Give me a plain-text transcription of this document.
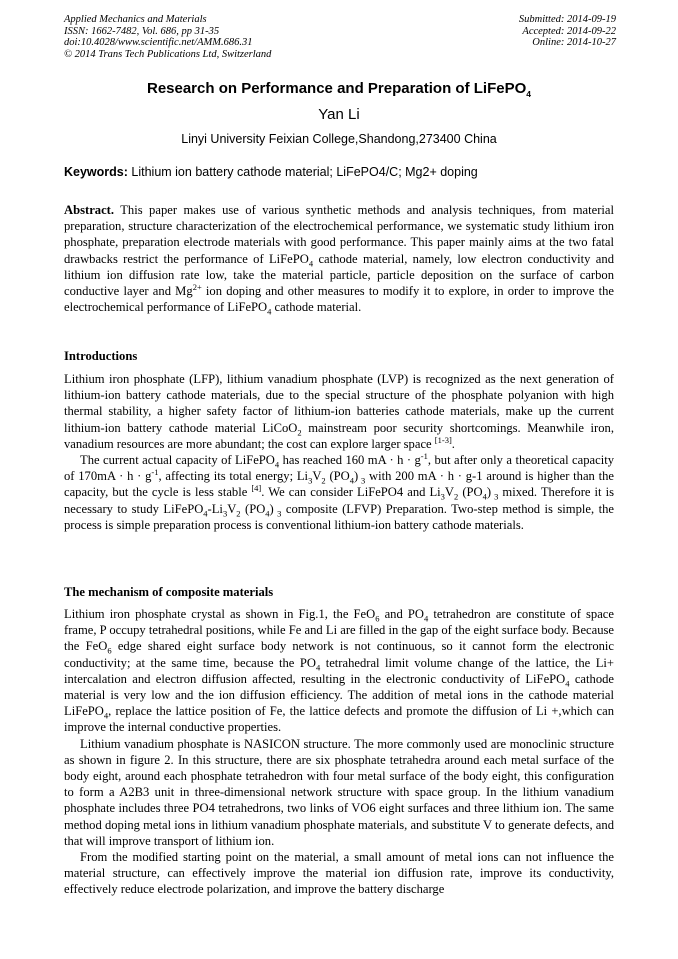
Applied Mechanics and Materials
ISSN: 1662-7482, Vol. 686, pp 31-35
doi:10.4028/www.scientific.net/AMM.686.31
© 2014 Trans Tech Publications Ltd, Switzerland
Submitted: 2014-09-19
Accepted: 2014-09-22
Online: 2014-10-27
Research on Performance and Preparation of LiFePO$_4$
Yan Li
Linyi University Feixian College,Shandong,273400 China
Keywords: Lithium ion battery cathode material; LiFePO4/C; Mg2+ doping

Abstract. This paper makes use of various synthetic methods and analysis techniques, from material preparation, structure characterization of the electrochemical performance, we systematic study lithium iron phosphate, preparation electrode materials with good performance. This paper mainly aims at the two fatal drawbacks restrict the performance of LiFePO$_4$ cathode material, namely, low electron conductivity and lithium ion diffusion rate low, take the material particle, particle deposition on the surface of carbon conductive layer and $Mg^{2+}$ ion doping and other measures to modify it to explore, in order to improve the electrochemical performance of LiFePO$_4$ cathode material.

Introductions

Lithium iron phosphate (LFP), lithium vanadium phosphate (LVP) is recognized as the next generation of lithium-ion battery cathode materials, due to the special structure of the phosphate polyanion with high thermal stability, a higher safety factor of lithium-ion batteries cathode materials, make up the current lithium-ion battery cathode material LiCoO$_2$ mainstream poor security shortcomings. Meanwhile iron, vanadium resources are more abundant; the cost can explore larger space [1-3].

The current actual capacity of LiFePO$_4$ has reached 160 mA · $h \cdot g^{-1}$, but after only a theoretical capacity of $170mA \cdot h \cdot g^{-1}$, affecting its total energy; $Li_3V_2$ $(PO_4)$ $_3$ with 200 mA · h · g-1 around is higher than the capacity, but the cycle is less stable [4]. We can consider LiFePO4 and $Li_3V_2$ $(PO_4)$ $_3$ mixed. Therefore it is necessary to study $LiFePO_4-Li_3V_2$ $(PO_4)$ $_3$ composite (LFVP) Preparation. Two-step method is simple, the process is simple preparation process is conventional lithium-ion battery cathode materials.

The mechanism of composite materials

Lithium iron phosphate crystal as shown in Fig.1, the FeO$_6$ and $PO_4$ tetrahedron are constitute of space frame, P occupy tetrahedral positions, while Fe and Li are filled in the gap of the eight surface body. Because the FeO$_6$ edge shared eight surface body network is not continuous, so it cannot form the electronic conductivity; at the same time, because the $PO_4$ tetrahedral limit volume change of the lattice, the Li+ intercalation and electron diffusion affected, resulting in the electronic conductivity of LiFePO$_4$ cathode material is very low and the ion diffusion efficiency. The addition of metal ions in the cathode material LiFePO$_4$, replace the lattice position of Fe, the lattice defects and promote the diffusion of Li +,which can improve the internal conductive properties.

Lithium vanadium phosphate is NASICON structure. The more commonly used are monoclinic structure as shown in figure 2. In this structure, there are six phosphate tetrahedra around each metal surface of the body eight, around each phosphate tetrahedron with four metal surface of the body eight, this configuration to form a A2B3 unit in three-dimensional network structure with space group. In the lithium vanadium phosphate includes three PO4 tetrahedrons, two links of VO6 eight surfaces and three lithium ion. The same method doping metal ions in lithium vanadium phosphate materials, and substitute V to generate defects, and that will improve transport of lithium ion.

From the modified starting point on the material, a small amount of metal ions can not influence the material structure, can effectively improve the material ion diffusion rate, improve its conductivity, effectively reduce electrode polarization, and improve the battery discharge
